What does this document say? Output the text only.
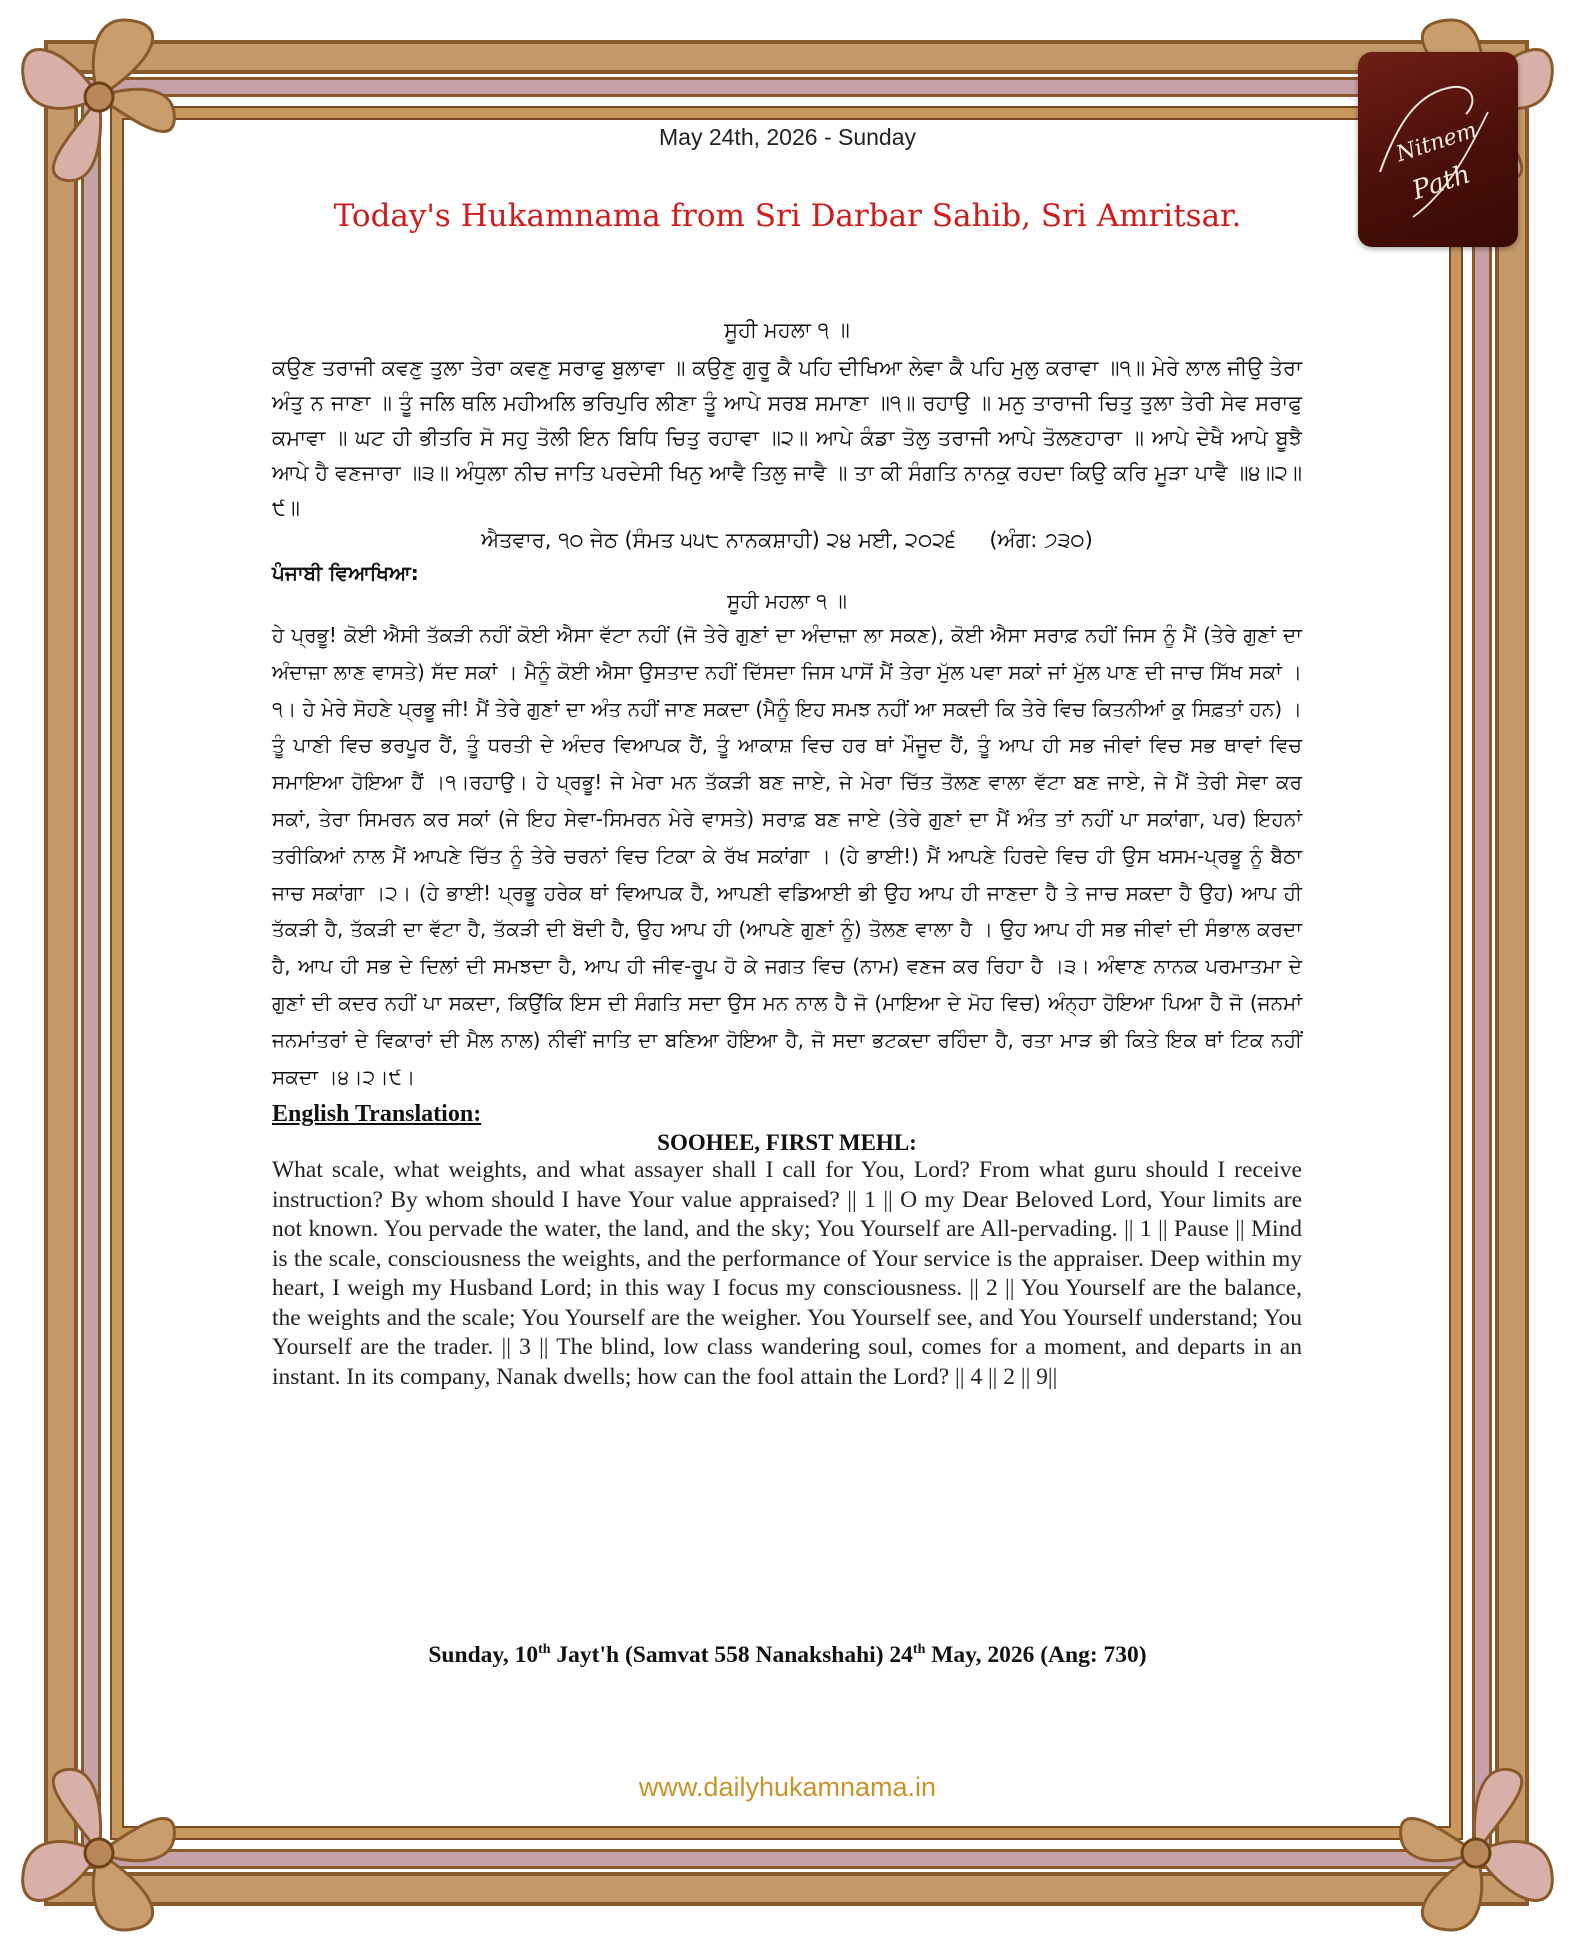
Nitnem
Path
May 24th, 2026 - Sunday
Today's Hukamnama from Sri Darbar Sahib, Sri Amritsar.
ਸੂਹੀ ਮਹਲਾ ੧ ॥

ਕਉਣ ਤਰਾਜੀ ਕਵਣੁ ਤੁਲਾ ਤੇਰਾ ਕਵਣੁ ਸਰਾਫੁ ਬੁਲਾਵਾ ॥ ਕਉਣੁ ਗੁਰੂ ਕੈ ਪਹਿ ਦੀਖਿਆ ਲੇਵਾ ਕੈ ਪਹਿ ਮੁਲੁ ਕਰਾਵਾ ॥੧॥ ਮੇਰੇ ਲਾਲ ਜੀਉ ਤੇਰਾ ਅੰਤੁ ਨ ਜਾਣਾ ॥ ਤੂੰ ਜਲਿ ਥਲਿ ਮਹੀਅਲਿ ਭਰਿਪੁਰਿ ਲੀਣਾ ਤੂੰ ਆਪੇ ਸਰਬ ਸਮਾਣਾ ॥੧॥ ਰਹਾਉ ॥ ਮਨੁ ਤਾਰਾਜੀ ਚਿਤੁ ਤੁਲਾ ਤੇਰੀ ਸੇਵ ਸਰਾਫੁ ਕਮਾਵਾ ॥ ਘਟ ਹੀ ਭੀਤਰਿ ਸੋ ਸਹੁ ਤੋਲੀ ਇਨ ਬਿਧਿ ਚਿਤੁ ਰਹਾਵਾ ॥੨॥ ਆਪੇ ਕੰਡਾ ਤੋਲੁ ਤਰਾਜੀ ਆਪੇ ਤੋਲਣਹਾਰਾ ॥ ਆਪੇ ਦੇਖੈ ਆਪੇ ਬੂਝੈ ਆਪੇ ਹੈ ਵਣਜਾਰਾ ॥੩॥ ਅੰਧੁਲਾ ਨੀਚ ਜਾਤਿ ਪਰਦੇਸੀ ਖਿਨੁ ਆਵੈ ਤਿਲੁ ਜਾਵੈ ॥ ਤਾ ਕੀ ਸੰਗਤਿ ਨਾਨਕੁ ਰਹਦਾ ਕਿਉ ਕਰਿ ਮੂੜਾ ਪਾਵੈ ॥੪॥੨॥੯॥

ਐਤਵਾਰ, ੧੦ ਜੇਠ (ਸੰਮਤ ੫੫੮ ਨਾਨਕਸ਼ਾਹੀ) ੨੪ ਮਈ, ੨੦੨੬     (ਅੰਗ: ੭੩੦)
ਪੰਜਾਬੀ ਵਿਆਖਿਆ:
ਸੂਹੀ ਮਹਲਾ ੧ ॥

ਹੇ ਪ੍ਰਭੂ! ਕੋਈ ਐਸੀ ਤੱਕੜੀ ਨਹੀਂ ਕੋਈ ਐਸਾ ਵੱਟਾ ਨਹੀਂ (ਜੋ ਤੇਰੇ ਗੁਣਾਂ ਦਾ ਅੰਦਾਜ਼ਾ ਲਾ ਸਕਣ), ਕੋਈ ਐਸਾ ਸਰਾਫ਼ ਨਹੀਂ ਜਿਸ ਨੂੰ ਮੈਂ (ਤੇਰੇ ਗੁਣਾਂ ਦਾ ਅੰਦਾਜ਼ਾ ਲਾਣ ਵਾਸਤੇ) ਸੱਦ ਸਕਾਂ । ਮੈਨੂੰ ਕੋਈ ਐਸਾ ਉਸਤਾਦ ਨਹੀਂ ਦਿੱਸਦਾ ਜਿਸ ਪਾਸੋਂ ਮੈਂ ਤੇਰਾ ਮੁੱਲ ਪਵਾ ਸਕਾਂ ਜਾਂ ਮੁੱਲ ਪਾਣ ਦੀ ਜਾਚ ਸਿੱਖ ਸਕਾਂ ।੧। ਹੇ ਮੇਰੇ ਸੋਹਣੇ ਪ੍ਰਭੂ ਜੀ! ਮੈਂ ਤੇਰੇ ਗੁਣਾਂ ਦਾ ਅੰਤ ਨਹੀਂ ਜਾਣ ਸਕਦਾ (ਮੈਨੂੰ ਇਹ ਸਮਝ ਨਹੀਂ ਆ ਸਕਦੀ ਕਿ ਤੇਰੇ ਵਿਚ ਕਿਤਨੀਆਂ ਕੁ ਸਿਫ਼ਤਾਂ ਹਨ) । ਤੂੰ ਪਾਣੀ ਵਿਚ ਭਰਪੂਰ ਹੈਂ, ਤੂੰ ਧਰਤੀ ਦੇ ਅੰਦਰ ਵਿਆਪਕ ਹੈਂ, ਤੂੰ ਆਕਾਸ਼ ਵਿਚ ਹਰ ਥਾਂ ਮੌਜੂਦ ਹੈਂ, ਤੂੰ ਆਪ ਹੀ ਸਭ ਜੀਵਾਂ ਵਿਚ ਸਭ ਥਾਵਾਂ ਵਿਚ ਸਮਾਇਆ ਹੋਇਆ ਹੈਂ ।੧।ਰਹਾਉ। ਹੇ ਪ੍ਰਭੂ! ਜੇ ਮੇਰਾ ਮਨ ਤੱਕੜੀ ਬਣ ਜਾਏ, ਜੇ ਮੇਰਾ ਚਿੱਤ ਤੋਲਣ ਵਾਲਾ ਵੱਟਾ ਬਣ ਜਾਏ, ਜੇ ਮੈਂ ਤੇਰੀ ਸੇਵਾ ਕਰ ਸਕਾਂ, ਤੇਰਾ ਸਿਮਰਨ ਕਰ ਸਕਾਂ (ਜੇ ਇਹ ਸੇਵਾ-ਸਿਮਰਨ ਮੇਰੇ ਵਾਸਤੇ) ਸਰਾਫ਼ ਬਣ ਜਾਏ (ਤੇਰੇ ਗੁਣਾਂ ਦਾ ਮੈਂ ਅੰਤ ਤਾਂ ਨਹੀਂ ਪਾ ਸਕਾਂਗਾ, ਪਰ) ਇਹਨਾਂ ਤਰੀਕਿਆਂ ਨਾਲ ਮੈਂ ਆਪਣੇ ਚਿੱਤ ਨੂੰ ਤੇਰੇ ਚਰਨਾਂ ਵਿਚ ਟਿਕਾ ਕੇ ਰੱਖ ਸਕਾਂਗਾ । (ਹੇ ਭਾਈ!) ਮੈਂ ਆਪਣੇ ਹਿਰਦੇ ਵਿਚ ਹੀ ਉਸ ਖਸਮ-ਪ੍ਰਭੂ ਨੂੰ ਬੈਠਾ ਜਾਚ ਸਕਾਂਗਾ ।੨। (ਹੇ ਭਾਈ! ਪ੍ਰਭੂ ਹਰੇਕ ਥਾਂ ਵਿਆਪਕ ਹੈ, ਆਪਣੀ ਵਡਿਆਈ ਭੀ ਉਹ ਆਪ ਹੀ ਜਾਣਦਾ ਹੈ ਤੇ ਜਾਚ ਸਕਦਾ ਹੈ ਉਹ) ਆਪ ਹੀ ਤੱਕੜੀ ਹੈ, ਤੱਕੜੀ ਦਾ ਵੱਟਾ ਹੈ, ਤੱਕੜੀ ਦੀ ਬੋਦੀ ਹੈ, ਉਹ ਆਪ ਹੀ (ਆਪਣੇ ਗੁਣਾਂ ਨੂੰ) ਤੋਲਣ ਵਾਲਾ ਹੈ । ਉਹ ਆਪ ਹੀ ਸਭ ਜੀਵਾਂ ਦੀ ਸੰਭਾਲ ਕਰਦਾ ਹੈ, ਆਪ ਹੀ ਸਭ ਦੇ ਦਿਲਾਂ ਦੀ ਸਮਝਦਾ ਹੈ, ਆਪ ਹੀ ਜੀਵ-ਰੂਪ ਹੋ ਕੇ ਜਗਤ ਵਿਚ (ਨਾਮ) ਵਣਜ ਕਰ ਰਿਹਾ ਹੈ ।੩। ਅੰਞਾਣ ਨਾਨਕ ਪਰਮਾਤਮਾ ਦੇ ਗੁਣਾਂ ਦੀ ਕਦਰ ਨਹੀਂ ਪਾ ਸਕਦਾ, ਕਿਉਂਕਿ ਇਸ ਦੀ ਸੰਗਤਿ ਸਦਾ ਉਸ ਮਨ ਨਾਲ ਹੈ ਜੋ (ਮਾਇਆ ਦੇ ਮੋਹ ਵਿਚ) ਅੰਨ੍ਹਾ ਹੋਇਆ ਪਿਆ ਹੈ ਜੋ (ਜਨਮਾਂ ਜਨਮਾਂਤਰਾਂ ਦੇ ਵਿਕਾਰਾਂ ਦੀ ਮੈਲ ਨਾਲ) ਨੀਵੀਂ ਜਾਤਿ ਦਾ ਬਣਿਆ ਹੋਇਆ ਹੈ, ਜੋ ਸਦਾ ਭਟਕਦਾ ਰਹਿੰਦਾ ਹੈ, ਰਤਾ ਮਾੜ ਭੀ ਕਿਤੇ ਇਕ ਥਾਂ ਟਿਕ ਨਹੀਂ ਸਕਦਾ ।੪।੨।੯।

English Translation:
SOOHEE, FIRST MEHL:

What scale, what weights, and what assayer shall I call for You, Lord? From what guru should I receive instruction? By whom should I have Your value appraised? || 1 || O my Dear Beloved Lord, Your limits are not known. You pervade the water, the land, and the sky; You Yourself are All-pervading. || 1 || Pause || Mind is the scale, consciousness the weights, and the performance of Your service is the appraiser. Deep within my heart, I weigh my Husband Lord; in this way I focus my consciousness. || 2 || You Yourself are the balance, the weights and the scale; You Yourself are the weigher. You Yourself see, and You Yourself understand; You Yourself are the trader. || 3 || The blind, low class wandering soul, comes for a moment, and departs in an instant. In its company, Nanak dwells; how can the fool attain the Lord? || 4 || 2 || 9||

Sunday, 10th Jayt'h (Samvat 558 Nanakshahi) 24th May, 2026 (Ang: 730)
www.dailyhukamnama.in
